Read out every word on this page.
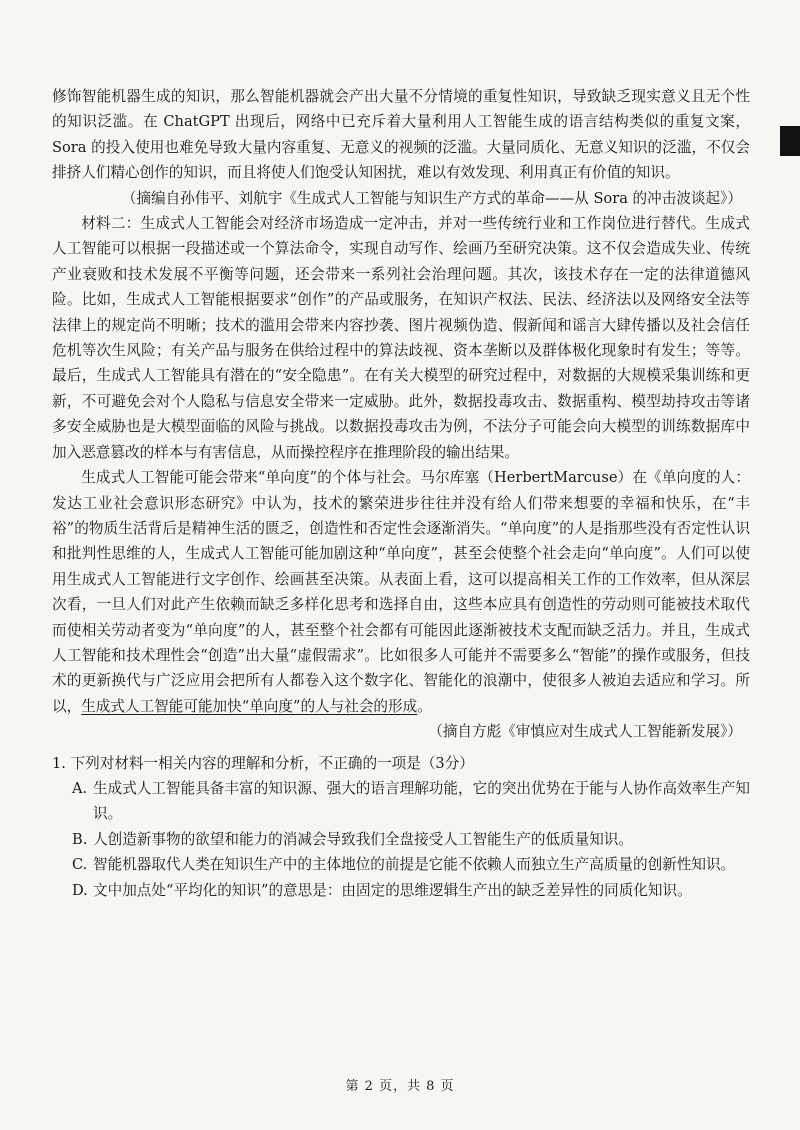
修饰智能机器生成的知识，那么智能机器就会产出大量不分情境的重复性知识，导致缺乏现实意义且无个性的知识泛滥。在 ChatGPT 出现后，网络中已充斥着大量利用人工智能生成的语言结构类似的重复文案，Sora 的投入使用也难免导致大量内容重复、无意义的视频的泛滥。大量同质化、无意义知识的泛滥，不仅会排挤人们精心创作的知识，而且将使人们饱受认知困扰，难以有效发现、利用真正有价值的知识。

（摘编自孙伟平、刘航宇《生成式人工智能与知识生产方式的革命——从 Sora 的冲击波谈起》）

材料二：生成式人工智能会对经济市场造成一定冲击，并对一些传统行业和工作岗位进行替代。生成式人工智能可以根据一段描述或一个算法命令，实现自动写作、绘画乃至研究决策。这不仅会造成失业、传统产业衰败和技术发展不平衡等问题，还会带来一系列社会治理问题。其次，该技术存在一定的法律道德风险。比如，生成式人工智能根据要求“创作”的产品或服务，在知识产权法、民法、经济法以及网络安全法等法律上的规定尚不明晰；技术的滥用会带来内容抄袭、图片视频伪造、假新闻和谣言大肆传播以及社会信任危机等次生风险；有关产品与服务在供给过程中的算法歧视、资本垄断以及群体极化现象时有发生；等等。最后，生成式人工智能具有潜在的“安全隐患”。在有关大模型的研究过程中，对数据的大规模采集训练和更新，不可避免会对个人隐私与信息安全带来一定威胁。此外，数据投毒攻击、数据重构、模型劫持攻击等诸多安全威胁也是大模型面临的风险与挑战。以数据投毒攻击为例，不法分子可能会向大模型的训练数据库中加入恶意篡改的样本与有害信息，从而操控程序在推理阶段的输出结果。

生成式人工智能可能会带来“单向度”的个体与社会。马尔库塞（HerbertMarcuse）在《单向度的人：发达工业社会意识形态研究》中认为，技术的繁荣进步往往并没有给人们带来想要的幸福和快乐，在“丰裕”的物质生活背后是精神生活的匮乏，创造性和否定性会逐渐消失。“单向度”的人是指那些没有否定性认识和批判性思维的人，生成式人工智能可能加剧这种“单向度”，甚至会使整个社会走向“单向度”。人们可以使用生成式人工智能进行文字创作、绘画甚至决策。从表面上看，这可以提高相关工作的工作效率，但从深层次看，一旦人们对此产生依赖而缺乏多样化思考和选择自由，这些本应具有创造性的劳动则可能被技术取代而使相关劳动者变为“单向度”的人，甚至整个社会都有可能因此逐渐被技术支配而缺乏活力。并且，生成式人工智能和技术理性会“创造”出大量“虚假需求”。比如很多人可能并不需要多么“智能”的操作或服务，但技术的更新换代与广泛应用会把所有人都卷入这个数字化、智能化的浪潮中，使很多人被迫去适应和学习。所以，生成式人工智能可能加快“单向度”的人与社会的形成。

（摘自方彪《审慎应对生成式人工智能新发展》）

1. 下列对材料一相关内容的理解和分析，不正确的一项是（3分）

A. 生成式人工智能具备丰富的知识源、强大的语言理解功能，它的突出优势在于能与人协作高效率生产知识。
B. 人创造新事物的欲望和能力的消减会导致我们全盘接受人工智能生产的低质量知识。
C. 智能机器取代人类在知识生产中的主体地位的前提是它能不依赖人而独立生产高质量的创新性知识。
D. 文中加点处“平均化的知识”的意思是：由固定的思维逻辑生产出的缺乏差异性的同质化知识。
第 2 页，共 8 页
